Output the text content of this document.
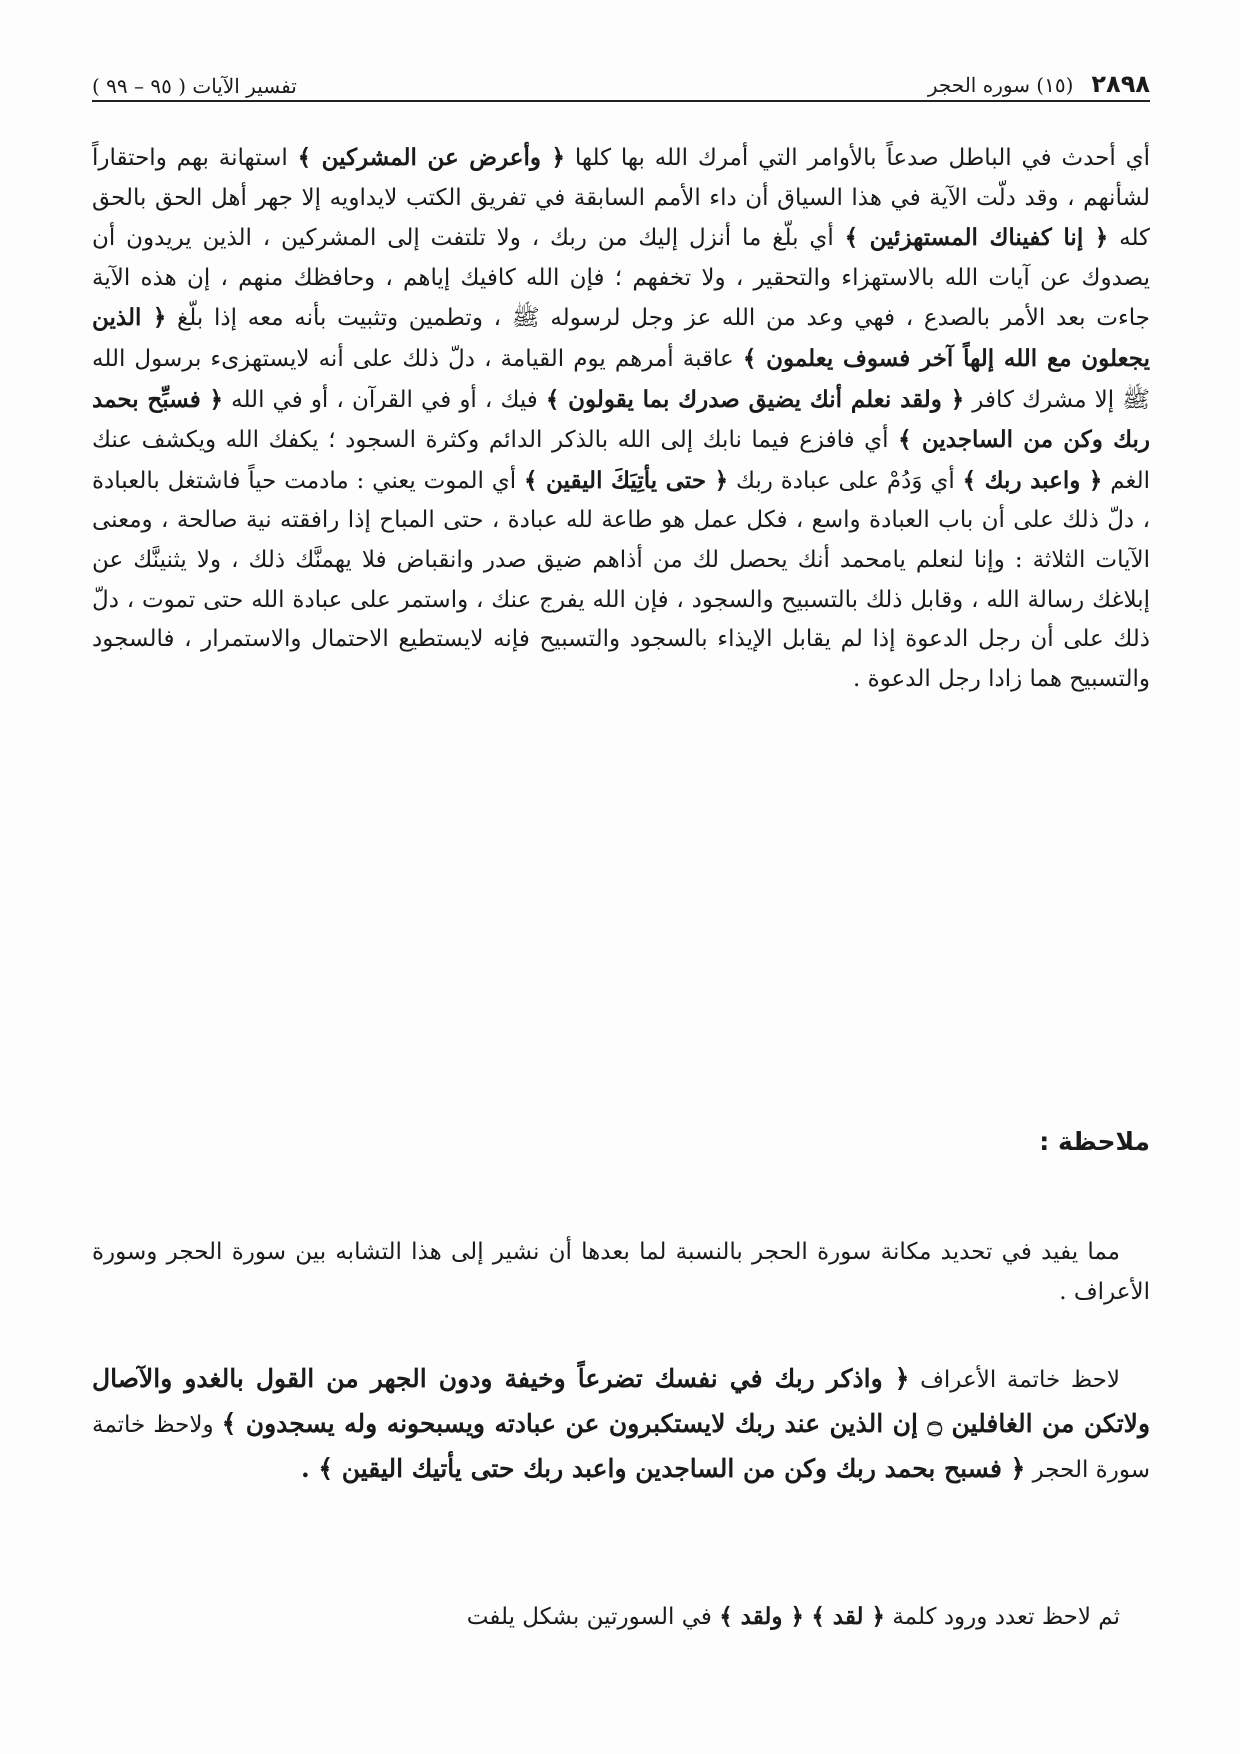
٢٨٩٨
(١٥) سوره الحجر
تفسير الآيات ( ٩٥ – ٩٩ )

أي أحدث في الباطل صدعاً بالأوامر التي أمرك الله بها كلها ﴿ وأعرض عن المشركين ﴾ استهانة بهم واحتقاراً لشأنهم ، وقد دلّت الآية في هذا السياق أن داء الأمم السابقة في تفريق الكتب لايداويه إلا جهر أهل الحق بالحق كله ﴿ إنا كفيناك المستهزئين ﴾ أي بلّغ ما أنزل إليك من ربك ، ولا تلتفت إلى المشركين ، الذين يريدون أن يصدوك عن آيات الله بالاستهزاء والتحقير ، ولا تخفهم ؛ فإن الله كافيك إياهم ، وحافظك منهم ، إن هذه الآية جاءت بعد الأمر بالصدع ، فهي وعد من الله عز وجل لرسوله ﷺ ، وتطمين وتثبيت بأنه معه إذا بلّغ ﴿ الذين يجعلون مع الله إلهاً آخر فسوف يعلمون ﴾ عاقبة أمرهم يوم القيامة ، دلّ ذلك على أنه لايستهزىء برسول الله ﷺ إلا مشرك كافر ﴿ ولقد نعلم أنك يضيق صدرك بما يقولون ﴾ فيك ، أو في القرآن ، أو في الله ﴿ فسبِّح بحمد ربك وكن من الساجدين ﴾ أي فافزع فيما نابك إلى الله بالذكر الدائم وكثرة السجود ؛ يكفك الله ويكشف عنك الغم ﴿ واعبد ربك ﴾ أي وَدُمْ على عبادة ربك ﴿ حتى يأتِيَكَ اليقين ﴾ أي الموت يعني : مادمت حياً فاشتغل بالعبادة ، دلّ ذلك على أن باب العبادة واسع ، فكل عمل هو طاعة لله عبادة ، حتى المباح إذا رافقته نية صالحة ، ومعنى الآيات الثلاثة : وإنا لنعلم يامحمد أنك يحصل لك من أذاهم ضيق صدر وانقباض فلا يهمنَّك ذلك ، ولا يثنينَّك عن إبلاغك رسالة الله ، وقابل ذلك بالتسبيح والسجود ، فإن الله يفرج عنك ، واستمر على عبادة الله حتى تموت ، دلّ ذلك على أن رجل الدعوة إذا لم يقابل الإيذاء بالسجود والتسبيح فإنه لايستطيع الاحتمال والاستمرار ، فالسجود والتسبيح هما زادا رجل الدعوة .

ملاحظة :
مما يفيد في تحديد مكانة سورة الحجر بالنسبة لما بعدها أن نشير إلى هذا التشابه بين سورة الحجر وسورة الأعراف .
لاحظ خاتمة الأعراف ﴿ واذكر ربك في نفسك تضرعاً وخيفة ودون الجهر من القول بالغدو والآصال ولاتكن من الغافلين ۝ إن الذين عند ربك لايستكبرون عن عبادته ويسبحونه وله يسجدون ﴾ ولاحظ خاتمة سورة الحجر ﴿ فسبح بحمد ربك وكن من الساجدين واعبد ربك حتى يأتيك اليقين ﴾ .
ثم لاحظ تعدد ورود كلمة ﴿ لقد ﴾ ﴿ ولقد ﴾ في السورتين بشكل يلفت
